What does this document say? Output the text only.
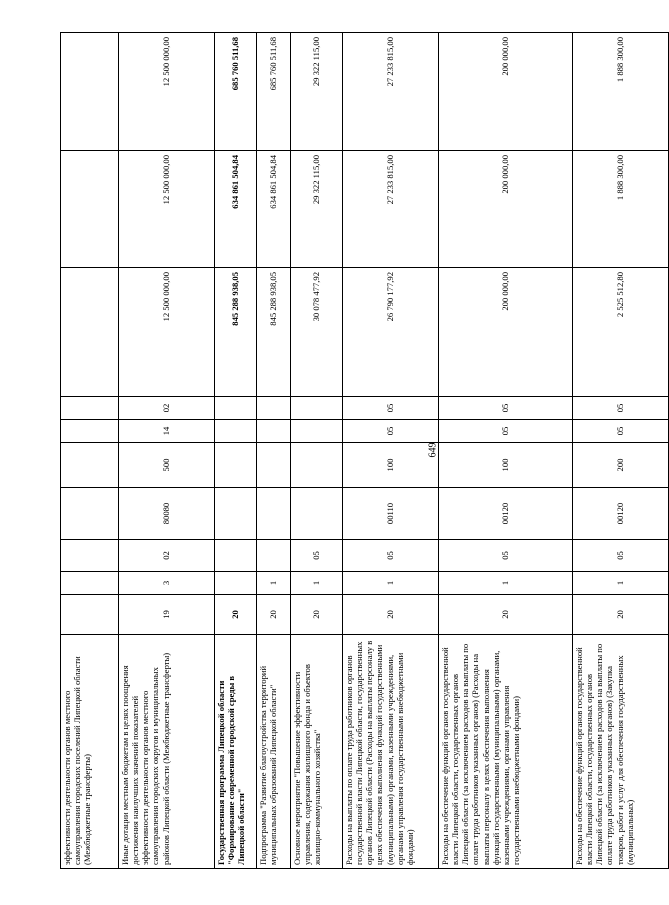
649
эффективности деятельности органов местного самоуправления городских поселений Липецкой области (Межбюджетные трансферты)										
Иные дотации местным бюджетам в целях поощрения достижения наилучших значений показателей эффективности деятельности органов местного самоуправления городских округов и муниципальных районов Липецкой области (Межбюджетные трансферты)	19	3	02	80080	500	14	02	12 500 000,00	12 500 000,00	12 500 000,00
Государственная программа Липецкой области "Формирование современной городской среды в Липецкой области"	20							845 288 938,05	634 861 504,84	685 760 511,68
Подпрограмма "Развитие благоустройства территорий муниципальных образований Липецкой области"	20	1						845 288 938,05	634 861 504,84	685 760 511,68
Основное мероприятие "Повышение эффективности управления, содержания жилищного фонда и объектов жилищно-коммунального хозяйства"	20	1	05					30 078 477,92	29 322 115,00	29 322 115,00
Расходы на выплаты по оплате труда работников органов государственной власти Липецкой области, государственных органов Липецкой области (Расходы на выплаты персоналу в целях обеспечения выполнения функций государственными (муниципальными) органами, казенными учреждениями, органами управления государственными внебюджетными фондами)	20	1	05	00110	100	05	05	26 790 177,92	27 233 815,00	27 233 815,00
Расходы на обеспечение функций органов государственной власти Липецкой области, государственных органов Липецкой области (за исключением расходов на выплаты по оплате труда работников указанных органов) (Расходы на выплаты персоналу в целях обеспечения выполнения функций государственными (муниципальными) органами, казенными учреждениями, органами управления государственными внебюджетными фондами)	20	1	05	00120	100	05	05	200 000,00	200 000,00	200 000,00
Расходы на обеспечение функций органов государственной власти Липецкой области, государственных органов Липецкой области (за исключением расходов на выплаты по оплате труда работников указанных органов) (Закупка товаров, работ и услуг для обеспечения государственных (муниципальных)	20	1	05	00120	200	05	05	2 525 512,80	1 888 300,00	1 888 300,00
